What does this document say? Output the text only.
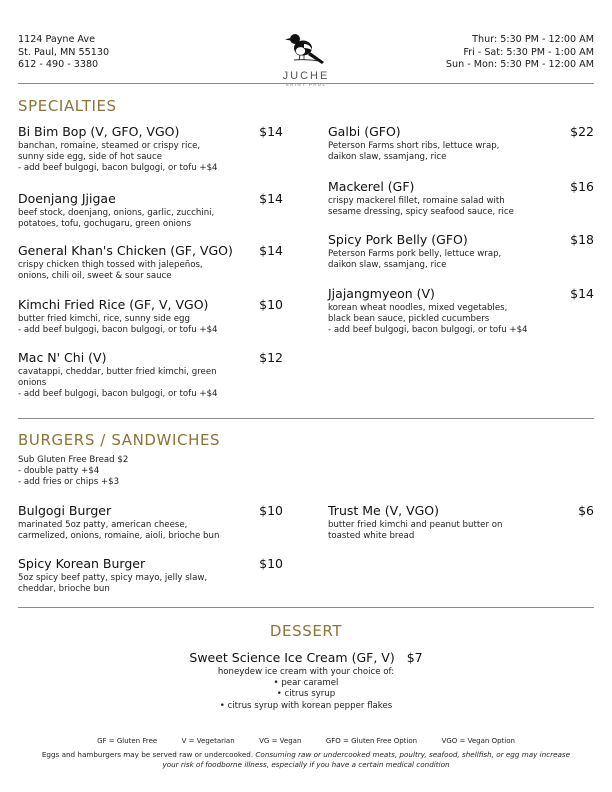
1124 Payne Ave
St. Paul, MN 55130
612 - 490 - 3380
JUCHE
SAINT PAUL
Thur: 5:30 PM - 12:00 AM
Fri - Sat: 5:30 PM - 1:00 AM
Sun - Mon: 5:30 PM - 12:00 AM
SPECIALTIES
Bi Bim Bop (V, GFO, VGO)	$14
banchan, romaine, steamed or crispy rice,
sunny side egg, side of hot sauce
- add beef bulgogi, bacon bulgogi, or tofu +$4
Doenjang Jjigae	$14
beef stock, doenjang, onions, garlic, zucchini,
potatoes, tofu, gochugaru, green onions
General Khan's Chicken (GF, VGO) $14
crispy chicken thigh tossed with jalepeños,
onions, chili oil, sweet & sour sauce
Kimchi Fried Rice (GF, V, VGO)	$10
butter fried kimchi, rice, sunny side egg
- add beef bulgogi, bacon bulgogi, or tofu +$4
Mac N' Chi (V)	$12
cavatappi, cheddar, butter fried kimchi, green
onions
- add beef bulgogi, bacon bulgogi, or tofu +$4
Galbi (GFO)	$22
Peterson Farms short ribs, lettuce wrap,
daikon slaw, ssamjang, rice
Mackerel (GF)	$16
crispy mackerel fillet, romaine salad with
sesame dressing, spicy seafood sauce, rice
Spicy Pork Belly (GFO)	$18
Peterson Farms pork belly, lettuce wrap,
daikon slaw, ssamjang, rice
Jjajangmyeon (V)	$14
korean wheat noodles, mixed vegetables,
black bean sauce, pickled cucumbers
- add beef bulgogi, bacon bulgogi, or tofu +$4
BURGERS / SANDWICHES
Sub Gluten Free Bread $2
- double patty +$4
- add fries or chips +$3
Bulgogi Burger	$10
marinated 5oz patty, american cheese,
carmelized, onions, romaine, aioli, brioche bun
Spicy Korean Burger	$10
5oz spicy beef patty, spicy mayo, jelly slaw,
cheddar, brioche bun
Trust Me (V, VGO)	$6
butter fried kimchi and peanut butter on
toasted white bread
DESSERT
Sweet Science Ice Cream (GF, V) $7
honeydew ice cream with your choice of:
• pear caramel
• citrus syrup
• citrus syrup with korean pepper flakes
GF = Gluten Free	V = Vegetarian	VG = Vegan	GFO = Gluten Free Option	VGO = Vegan Option
Eggs and hamburgers may be served raw or undercooked. Consuming raw or undercooked meats, poultry, seafood, shellfish, or egg may increase
your risk of foodborne illness, especially if you have a certain medical condition
